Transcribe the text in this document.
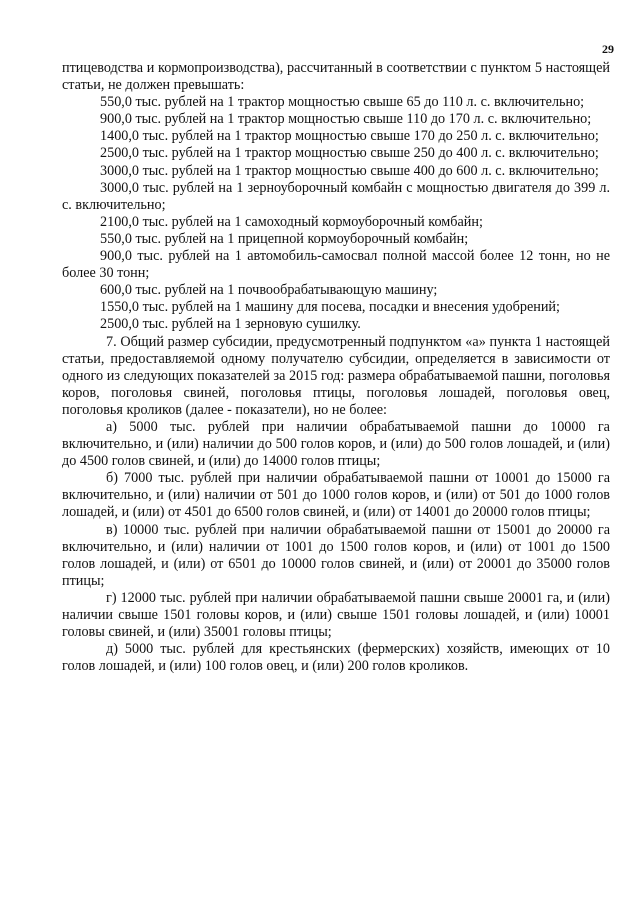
29

птицеводства и кормопроизводства), рассчитанный в соответствии с пунктом 5 настоящей статьи, не должен превышать:

550,0 тыс. рублей на 1 трактор мощностью свыше 65 до 110 л. с. включительно;

900,0 тыс. рублей на 1 трактор мощностью свыше 110 до 170 л. с. включительно;

1400,0 тыс. рублей на 1 трактор мощностью свыше 170 до 250 л. с. включительно;

2500,0 тыс. рублей на 1 трактор мощностью свыше 250 до 400 л. с. включительно;

3000,0 тыс. рублей на 1 трактор мощностью свыше 400 до 600 л. с. включительно;

3000,0 тыс. рублей на 1 зерноуборочный комбайн с мощностью двигателя до 399 л. с. включительно;

2100,0 тыс. рублей на 1 самоходный кормоуборочный комбайн;

550,0 тыс. рублей на 1 прицепной кормоуборочный комбайн;

900,0 тыс. рублей на 1 автомобиль-самосвал полной массой более 12 тонн, но не более 30 тонн;

600,0 тыс. рублей на 1 почвообрабатывающую машину;

1550,0 тыс. рублей на 1 машину для посева, посадки и внесения удобрений;

2500,0 тыс. рублей на 1 зерновую сушилку.

7. Общий размер субсидии, предусмотренный подпунктом «а» пункта 1 настоящей статьи, предоставляемой одному получателю субсидии, определяется в зависимости от одного из следующих показателей за 2015 год: размера обрабатываемой пашни, поголовья коров, поголовья свиней, поголовья птицы, поголовья лошадей, поголовья овец, поголовья кроликов (далее - показатели), но не более:

а) 5000 тыс. рублей при наличии обрабатываемой пашни до 10000 га включительно, и (или) наличии до 500 голов коров, и (или) до 500 голов лошадей, и (или) до 4500 голов свиней, и (или) до 14000 голов птицы;

б) 7000 тыс. рублей при наличии обрабатываемой пашни от 10001 до 15000 га включительно, и (или) наличии от 501 до 1000 голов коров, и (или) от 501 до 1000 голов лошадей, и (или) от 4501 до 6500 голов свиней, и (или) от 14001 до 20000 голов птицы;

в) 10000 тыс. рублей при наличии обрабатываемой пашни от 15001 до 20000 га включительно, и (или) наличии от 1001 до 1500 голов коров, и (или) от 1001 до 1500 голов лошадей, и (или) от 6501 до 10000 голов свиней, и (или) от 20001 до 35000 голов птицы;

г) 12000 тыс. рублей при наличии обрабатываемой пашни свыше 20001 га, и (или) наличии свыше 1501 головы коров, и (или) свыше 1501 головы лошадей, и (или) 10001 головы свиней, и (или) 35001 головы птицы;

д) 5000 тыс. рублей для крестьянских (фермерских) хозяйств, имеющих от 10 голов лошадей, и (или) 100 голов овец, и (или) 200 голов кроликов.
